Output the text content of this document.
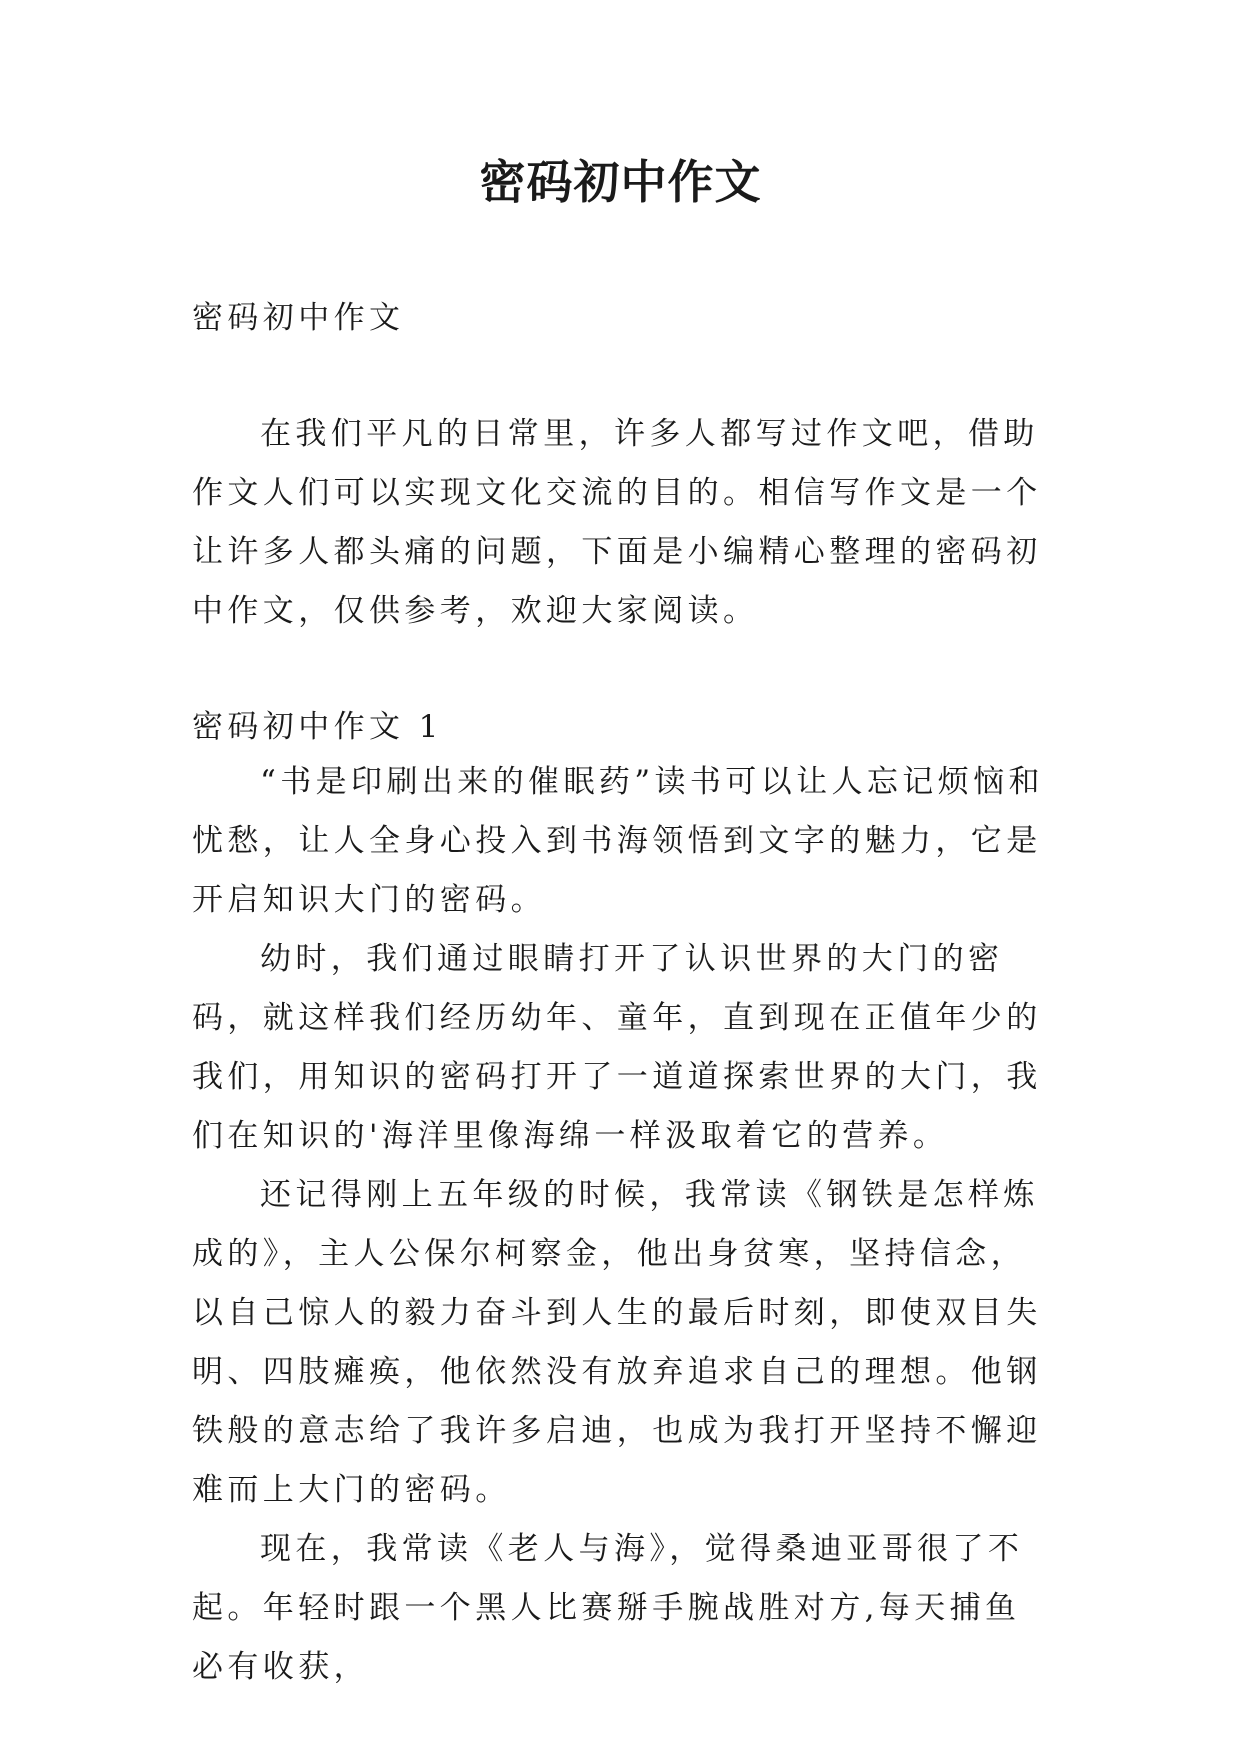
密码初中作文
密码初中作文

在我们平凡的日常里，许多人都写过作文吧，借助作文人们可以实现文化交流的目的。相信写作文是一个让许多人都头痛的问题，下面是小编精心整理的密码初中作文，仅供参考，欢迎大家阅读。

密码初中作文 1

“书是印刷出来的催眠药”读书可以让人忘记烦恼和忧愁，让人全身心投入到书海领悟到文字的魅力，它是开启知识大门的密码。

幼时，我们通过眼睛打开了认识世界的大门的密码，就这样我们经历幼年、童年，直到现在正值年少的我们，用知识的密码打开了一道道探索世界的大门，我们在知识的'海洋里像海绵一样汲取着它的营养。

还记得刚上五年级的时候，我常读《钢铁是怎样炼成的》，主人公保尔柯察金，他出身贫寒，坚持信念，以自己惊人的毅力奋斗到人生的最后时刻，即使双目失明、四肢瘫痪，他依然没有放弃追求自己的理想。他钢铁般的意志给了我许多启迪，也成为我打开坚持不懈迎难而上大门的密码。

现在，我常读《老人与海》，觉得桑迪亚哥很了不起。年轻时跟一个黑人比赛掰手腕战胜对方,每天捕鱼必有收获，
